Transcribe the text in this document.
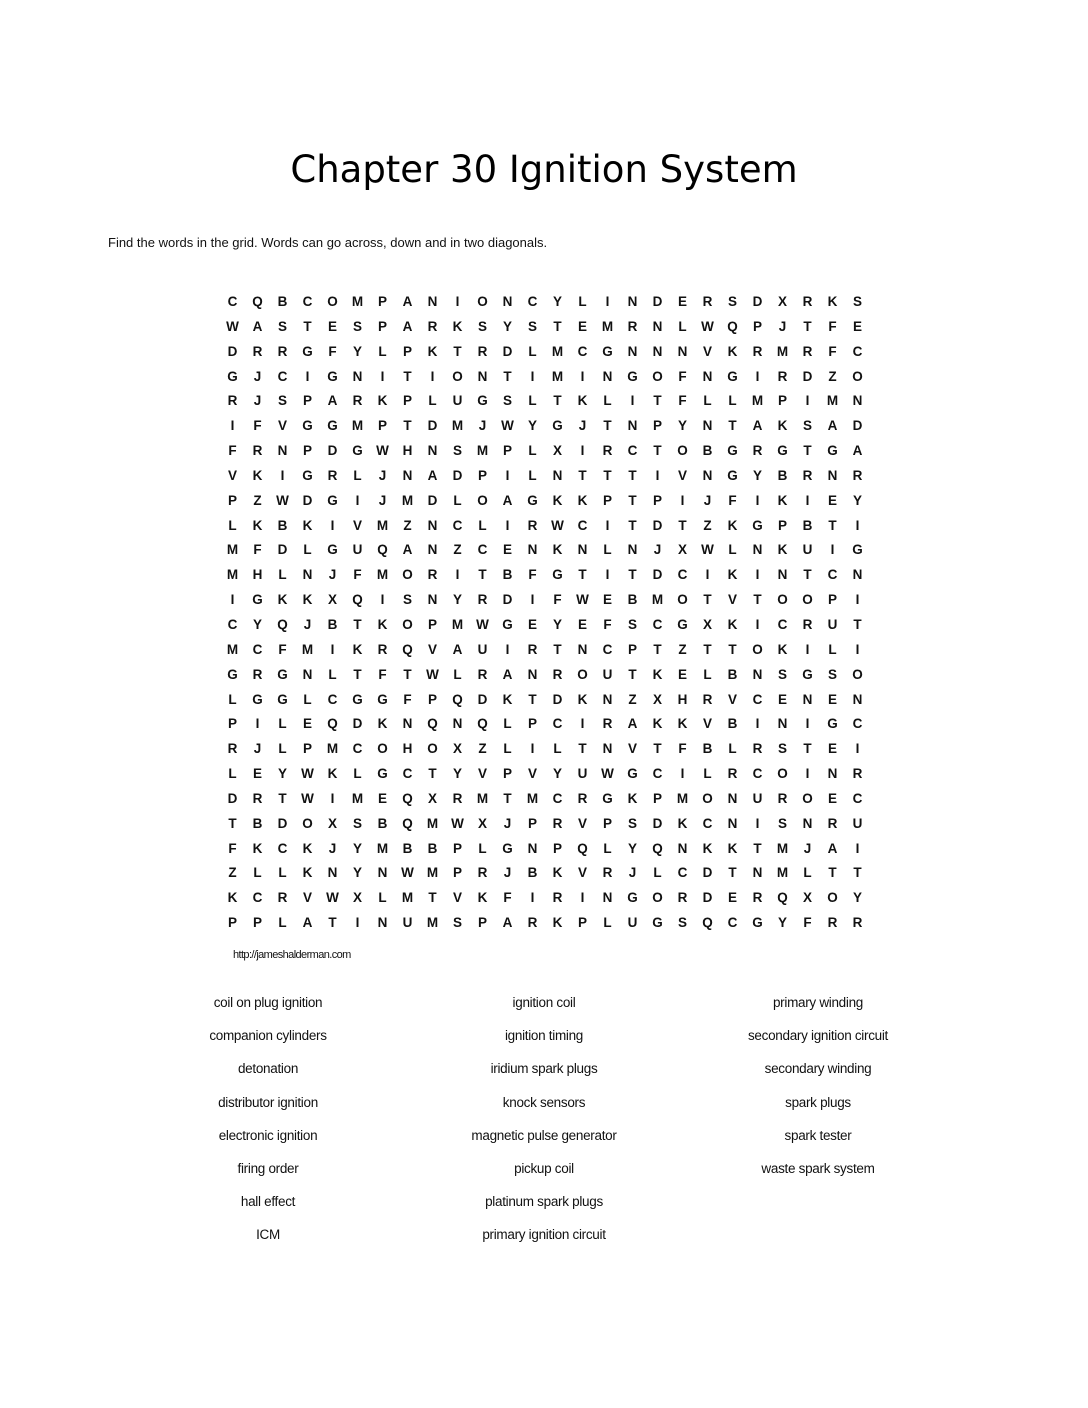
Chapter 30 Ignition System
Find the words in the grid. Words can go across, down and in two diagonals.
C	Q	B	C	O	M	P	A	N	I	O	N	C	Y	L	I	N	D	E	R	S	D	X	R	K	S
W	A	S	T	E	S	P	A	R	K	S	Y	S	T	E	M	R	N	L	W Q	P	J	T	F	E
D	R	R	G	F	Y	L	P	K	T	R	D	L	M	C	G	N	N	N	V	K	R	M	R	F	C
G	J	C	I	G	N	I	T	I	O	N	T	I	M	I	N	G	O	F	N	G	I	R	D	Z	O
R	J	S	P	A	R	K	P	L	U	G	S	L	T	K	L	I	T	F	L	L	M	P	I	M	N
I	F	V	G	G	M	P	T	D	M	J	W	Y	G	J	T	N	P	Y	N	T	A	K	S	A	D
F	R	N	P	D	G W	H	N	S	M	P	L	X	I	R	C	T	O	B	G	R	G	T	G	A
V	K	I	G	R	L	J	N	A	D	P	I	L	N	T	T	T	I	V	N	G	Y	B	R	N	R
P	Z	W	D	G	I	J	M	D	L	O	A	G	K	K	P	T	P	I	J	F	I	K	I	E	Y
L	K	B	K	I	V	M	Z	N	C	L	I	R	W	C	I	T	D	T	Z	K	G	P	B	T	I
M	F	D	L	G	U	Q	A	N	Z	C	E	N	K	N	L	N	J	X	W	L	N	K	U	I	G
M	H	L	N	J	F	M	O	R	I	T	B	F	G	T	I	T	D	C	I	K	I	N	T	C	N
I	G	K	K	X	Q	I	S	N	Y	R	D	I	F	W	E	B	M	O	T	V	T	O	O	P	I
C	Y	Q	J	B	T	K	O	P	M W G	E	Y	E	F	S	C	G	X	K	I	C	R	U	T
M	C	F	M	I	K	R	Q	V	A	U	I	R	T	N	C	P	T	Z	T	T	O	K	I	L	I
G	R	G	N	L	T	F	T	W	L	R	A	N	R	O	U	T	K	E	L	B	N	S	G	S	O
L	G	G	L	C	G	G	F	P	Q	D	K	T	D	K	N	Z	X	H	R	V	C	E	N	E	N
P	I	L	E	Q	D	K	N	Q	N	Q	L	P	C	I	R	A	K	K	V	B	I	N	I	G	C
R	J	L	P	M	C	O	H	O	X	Z	L	I	L	T	N	V	T	F	B	L	R	S	T	E	I
L	E	Y	W	K	L	G	C	T	Y	V	P	V	Y	U	W G	C	I	L	R	C	O	I	N	R
D	R	T	W	I	M	E	Q	X	R	M	T	M	C	R	G	K	P	M	O	N	U	R	O	E	C
T	B	D	O	X	S	B	Q	M W	X	J	P	R	V	P	S	D	K	C	N	I	S	N	R	U
F	K	C	K	J	Y	M	B	B	P	L	G	N	P	Q	L	Y	Q	N	K	K	T	M	J	A	I
Z	L	L	K	N	Y	N	W M	P	R	J	B	K	V	R	J	L	C	D	T	N	M	L	T	T
K	C	R	V	W	X	L	M	T	V	K	F	I	R	I	N	G	O	R	D	E	R	Q	X	O	Y
P	P	L	A	T	I	N	U	M	S	P	A	R	K	P	L	U	G	S	Q	C	G	Y	F	R	R
http://jameshalderman.com
coil on plug ignition
companion cylinders
detonation
distributor ignition
electronic ignition
firing order
hall effect
ICM
ignition coil
ignition timing
iridium spark plugs
knock sensors
magnetic pulse generator
pickup coil
platinum spark plugs
primary ignition circuit
primary winding
secondary ignition circuit
secondary winding
spark plugs
spark tester
waste spark system
